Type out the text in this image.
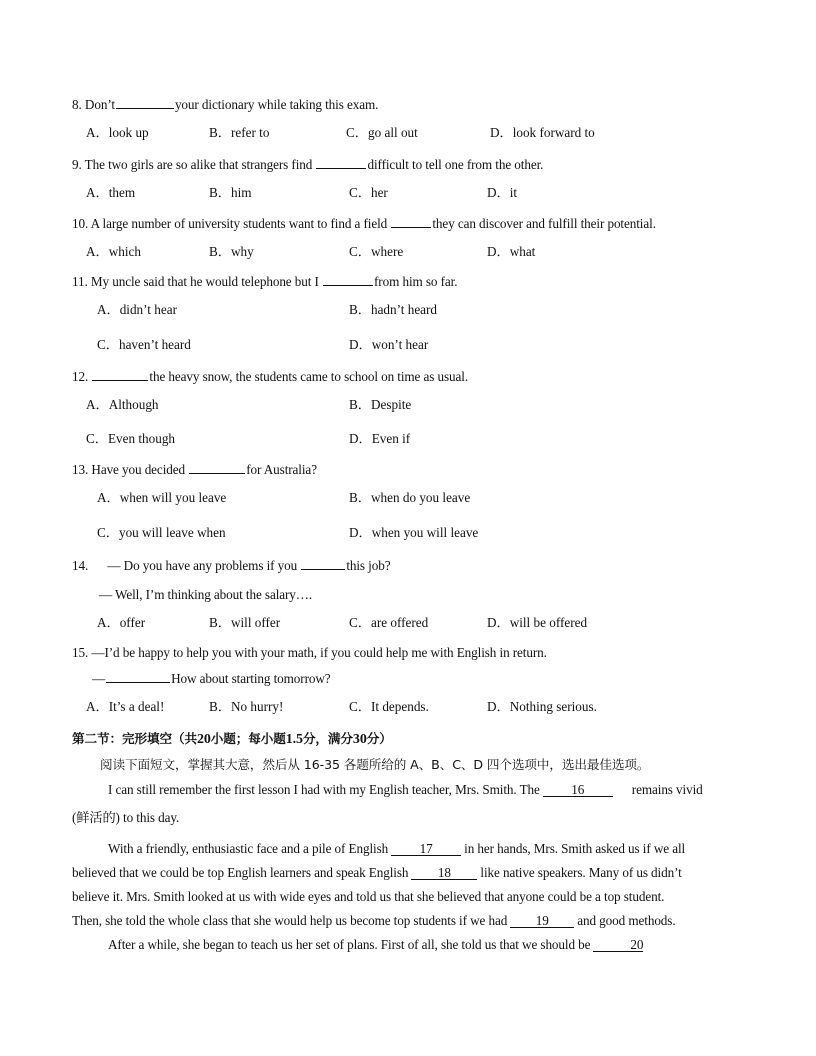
8. Don’t	your dictionary while taking this exam.
A．look up	B．refer to	C．go all out	D．look forward to
9. The two girls are so alike that strangers find	difficult to tell one from the other.
A．them	B．him	C．her	D．it
10. A large number of university students want to find a field	they can discover and fulfill their potential.
A．which	B．why	C．where	D．what
11. My uncle said that he would telephone but I	from him so far.
A．didn’t hear	B．hadn’t heard
C．haven’t heard	D．won’t hear
12.	the heavy snow, the students came to school on time as usual.
A．Although	B．Despite
C．Even though	D．Even if
13. Have you decided	for Australia?
A．when will you leave	B．when do you leave
C．you will leave when	D．when you will leave
14. — Do you have any problems if you	this job?
— Well, I’m thinking about the salary….
A．offer	B．will offer	C．are offered	D．will be offered
15. —I’d be happy to help you with your math, if you could help me with English in return.
—	How about starting tomorrow?
A．It’s a deal!	B．No hurry!	C．It depends.	D．Nothing serious.
第二节：完形填空（共20小题；每小题1.5分，满分30分）
阅读下面短文，掌握其大意，然后从 16-35 各题所给的 A、B、C、D 四个选项中，选出最佳选项。
I can still remember the first lesson I had with my English teacher, Mrs. Smith. The 16	remains vivid
(鲜活的) to this day.
With a friendly, enthusiastic face and a pile of English 17 in her hands, Mrs. Smith asked us if we all
believed that we could be top English learners and speak English 18 like native speakers. Many of us didn’t
believe it. Mrs. Smith looked at us with wide eyes and told us that she believed that anyone could be a top student.
Then, she told the whole class that she would help us become top students if we had 19 and good methods.
After a while, she began to teach us her set of plans. First of all, she told us that we should be	20
